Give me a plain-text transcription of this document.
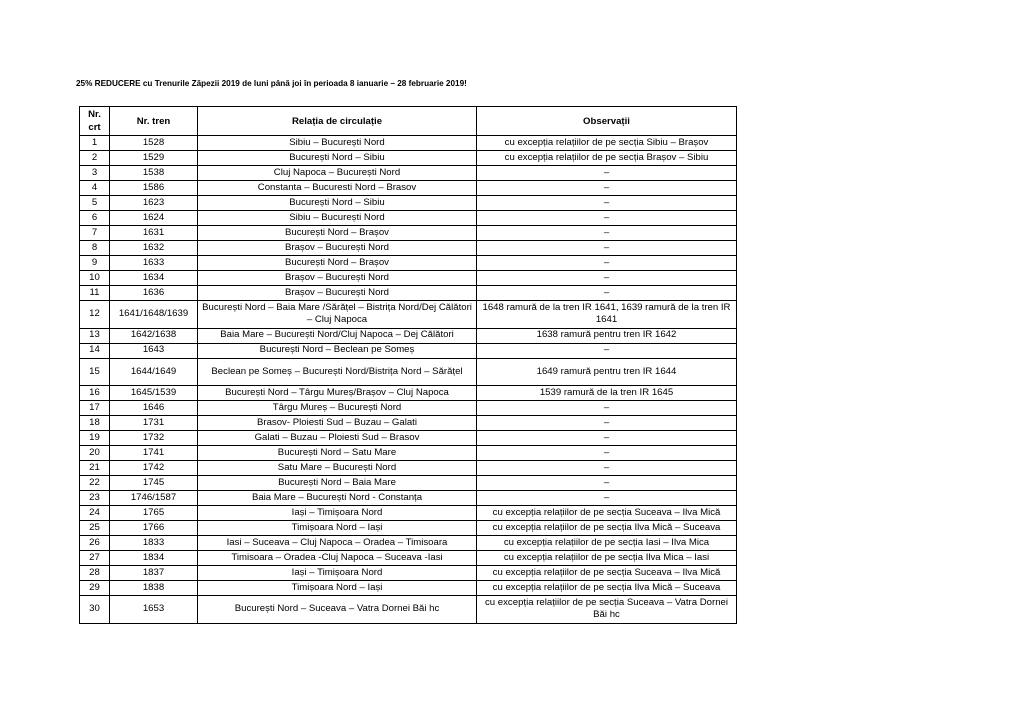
25% REDUCERE cu Trenurile Zăpezii 2019 de luni până joi în perioada 8 ianuarie – 28 februarie 2019!
Nr. crt	Nr. tren	Relația de circulație	Observații
1	1528	Sibiu – București Nord	cu excepția relațiilor de pe secția Sibiu – Brașov
2	1529	București Nord – Sibiu	cu excepția relațiilor de pe secția Brașov – Sibiu
3	1538	Cluj Napoca – București Nord	–
4	1586	Constanta – Bucuresti Nord – Brasov	–
5	1623	București Nord – Sibiu	–
6	1624	Sibiu – București Nord	–
7	1631	București Nord – Brașov	–
8	1632	Brașov – București Nord	–
9	1633	București Nord – Brașov	–
10	1634	Brașov – București Nord	–
11	1636	Brașov – București Nord	–
12	1641/1648/1639	București Nord – Baia Mare /Sărățel – Bistrița Nord/Dej Călători – Cluj Napoca	1648 ramură de la tren IR 1641, 1639 ramură de la tren IR 1641
13	1642/1638	Baia Mare – București Nord/Cluj Napoca – Dej Călători	1638 ramură pentru tren IR 1642
14	1643	București Nord – Beclean pe Someș	–
15	1644/1649	Beclean pe Someș – București Nord/Bistrița Nord – Sărățel	1649 ramură pentru tren IR 1644
16	1645/1539	București Nord – Târgu Mureș/Brașov – Cluj Napoca	1539 ramură de la tren IR 1645
17	1646	Târgu Mureș – București Nord	–
18	1731	Brasov- Ploiesti Sud – Buzau – Galati	–
19	1732	Galati – Buzau – Ploiesti Sud – Brasov	–
20	1741	București Nord – Satu Mare	–
21	1742	Satu Mare – București Nord	–
22	1745	București Nord – Baia Mare	–
23	1746/1587	Baia Mare – București Nord - Constanța	–
24	1765	Iași – Timișoara Nord	cu excepția relațiilor de pe secția Suceava – Ilva Mică
25	1766	Timișoara Nord – Iași	cu excepția relațiilor de pe secția Ilva Mică – Suceava
26	1833	Iasi – Suceava – Cluj Napoca – Oradea – Timisoara	cu excepția relațiilor de pe secția Iasi – Ilva Mica
27	1834	Timisoara – Oradea -Cluj Napoca – Suceava -Iasi	cu excepția relațiilor de pe secția Ilva Mica – Iasi
28	1837	Iași – Timișoara Nord	cu excepția relațiilor de pe secția Suceava – Ilva Mică
29	1838	Timișoara Nord – Iași	cu excepția relațiilor de pe secția Ilva Mică – Suceava
30	1653	București Nord – Suceava – Vatra Dornei Băi hc	cu excepția relațiilor de pe secția Suceava – Vatra Dornei Băi hc
